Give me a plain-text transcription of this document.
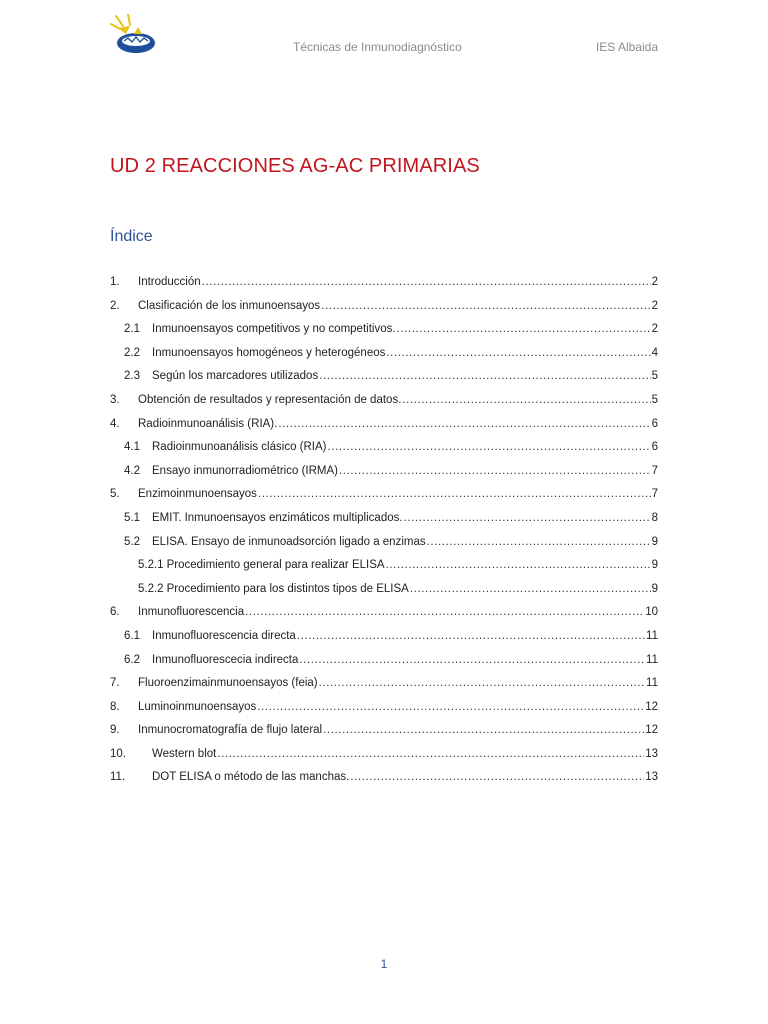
Técnicas de Inmunodiagnóstico	IES Albaida
UD 2 REACCIONES AG-AC PRIMARIAS
Índice
1.	Introducción .....	2
2.	Clasificación de los inmunoensayos .....	2
2.1	Inmunoensayos competitivos y no competitivos. .....	2
2.2	Inmunoensayos homogéneos y heterogéneos .....	4
2.3	Según los marcadores utilizados .....	5
3.	Obtención de resultados y representación de datos. .....	5
4.	Radioinmunoanálisis (RIA). .....	6
4.1	Radioinmunoanálisis clásico (RIA) .....	6
4.2	Ensayo inmunorradiométrico (IRMA) .....	7
5.	Enzimoinmunoensayos .....	7
5.1	EMIT. Inmunoensayos enzimáticos multiplicados. .....	8
5.2	ELISA. Ensayo de inmunoadsorción ligado a enzimas .....	9
5.2.1 Procedimiento general para realizar ELISA .....	9
5.2.2 Procedimiento para los distintos tipos de ELISA .....	9
6.	Inmunofluorescencia .....	10
6.1	Inmunofluorescencia directa .....	11
6.2	Inmunofluorescecia indirecta .....	11
7.	Fluoroenzimainmunoensayos (feia) .....	11
8.	Luminoinmunoensayos .....	12
9.	Inmunocromatografía de flujo lateral .....	12
10.	Western blot .....	13
11.	DOT ELISA o método de las manchas. .....	13
1
